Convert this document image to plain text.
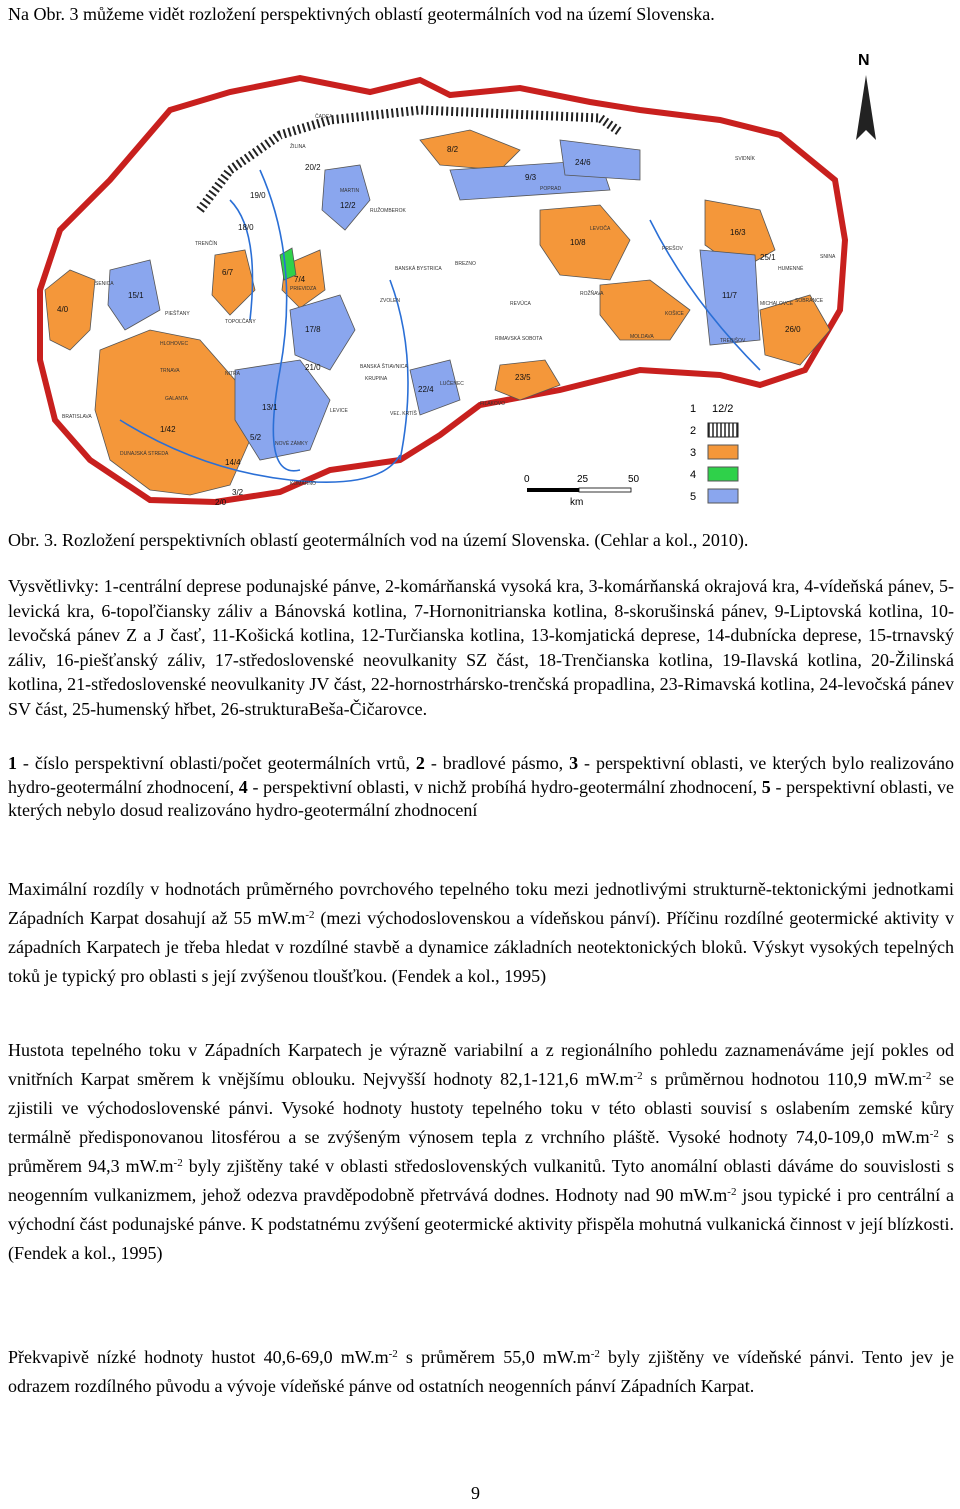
Na Obr. 3 můžeme vidět rozložení perspektivných oblastí geotermálních vod na území Slovenska.
N
1 12/2
2
3
4
5
0	25	50
km
8/2
12/2
18/0
6/7
7/4
4/0
15/1
17/8
10/8
21/0
13/1
5/2
14/4
1/42
3/2
2/0
22/4
23/5
24/6
11/7
26/0
16/3
19/0
20/2
9/3
25/1
ČADCA
ŽILINA
MARTIN
RUŽOMBEROK
POPRAD
LEVOČA
SVIDNÍK
SNINA
HUMENNÉ
PREŠOV
KOŠICE
MICHALOVCE
BANSKÁ BYSTRICA
ZVOLEN
BREZNO
REVÚCA
ROŽŇAVA
RIMAVSKÁ SOBOTA
LUČENEC
TRNAVA	NITRA
BRATISLAVA
TOPOĽČANY
PRIEVIDZA
TRENČÍN
SENICA
LEVICE
KOMÁRNO
NOVÉ ZÁMKY
DUNAJSKÁ STREDA
GALANTA
PIEŠŤANY
BANSKÁ ŠTIAVNICA
FIĽAKOVO
KRUPINA
VEĽ. KRTÍŠ
MOLDAVA
TREBIŠOV
HLOHOVEC
SOBRANCE
Obr. 3. Rozložení perspektivních oblastí geotermálních vod na území Slovenska. (Cehlar a kol., 2010).
Vysvětlivky: 1-centrální deprese podunajské pánve, 2-komárňanská vysoká kra, 3-komárňanská okrajová kra, 4-vídeňská pánev, 5-levická kra, 6-topoľčiansky záliv a Bánovská kotlina, 7-Hornonitrianska kotlina, 8-skorušinská pánev, 9-Liptovská kotlina, 10-levočská pánev Z a J časť, 11-Košická kotlina, 12-Turčianska kotlina, 13-komjatická deprese, 14-dubnícka deprese, 15-trnavský záliv, 16-piešťanský záliv, 17-středoslovenské neovulkanity SZ část, 18-Trenčianska kotlina, 19-Ilavská kotlina, 20-Žilinská kotlina, 21-středoslovenské neovulkanity JV část, 22-hornostrhársko-trenčská propadlina, 23-Rimavská kotlina, 24-levočská pánev SV část, 25-humenský hřbet, 26-strukturaBeša-Čičarovce.
1 - číslo perspektivní oblasti/počet geotermálních vrtů, 2 - bradlové pásmo, 3 - perspektivní oblasti, ve kterých bylo realizováno hydro-geotermální zhodnocení, 4 - perspektivní oblasti, v nichž probíhá hydro-geotermální zhodnocení, 5 - perspektivní oblasti, ve kterých nebylo dosud realizováno hydro-geotermální zhodnocení

Maximální rozdíly v hodnotách průměrného povrchového tepelného toku mezi jednotlivými strukturně-tektonickými jednotkami Západních Karpat dosahují až 55 $mW.m^{-2}$ (mezi východoslovenskou a vídeňskou pánví). Příčinu rozdílné geotermické aktivity v západních Karpatech je třeba hledat v rozdílné stavbě a dynamice základních neotektonických bloků. Výskyt vysokých tepelných toků je typický pro oblasti s její zvýšenou tloušťkou. (Fendek a kol., 1995)

Hustota tepelného toku v Západních Karpatech je výrazně variabilní a z regionálního pohledu zaznamenáváme její pokles od vnitřních Karpat směrem k vnějšímu oblouku. Nejvyšší hodnoty 82,1-121,6 $mW.m^{-2}$ s průměrnou hodnotou 110,9 $mW.m^{-2}$ se zjistili ve východoslovenské pánvi. Vysoké hodnoty hustoty tepelného toku v této oblasti souvisí s oslabením zemské kůry termálně předisponovanou litosférou a se zvýšeným výnosem tepla z vrchního pláště. Vysoké hodnoty 74,0-109,0 $mW.m^{-2}$ s průměrem 94,3 $mW.m^{-2}$ byly zjištěny také v oblasti středoslovenských vulkanitů. Tyto anomální oblasti dáváme do souvislosti s neogenním vulkanizmem, jehož odezva pravděpodobně přetrvává dodnes. Hodnoty nad 90 $mW.m^{-2}$ jsou typické i pro centrální a východní část podunajské pánve. K podstatnému zvýšení geotermické aktivity přispěla mohutná vulkanická činnost v její blízkosti.(Fendek a kol., 1995)

Překvapivě nízké hodnoty hustot 40,6-69,0 $mW.m^{-2}$ s průměrem 55,0 $mW.m^{-2}$ byly zjištěny ve vídeňské pánvi. Tento jev je odrazem rozdílného původu a vývoje vídeňské pánve od ostatních neogenních pánví Západních Karpat.

9
